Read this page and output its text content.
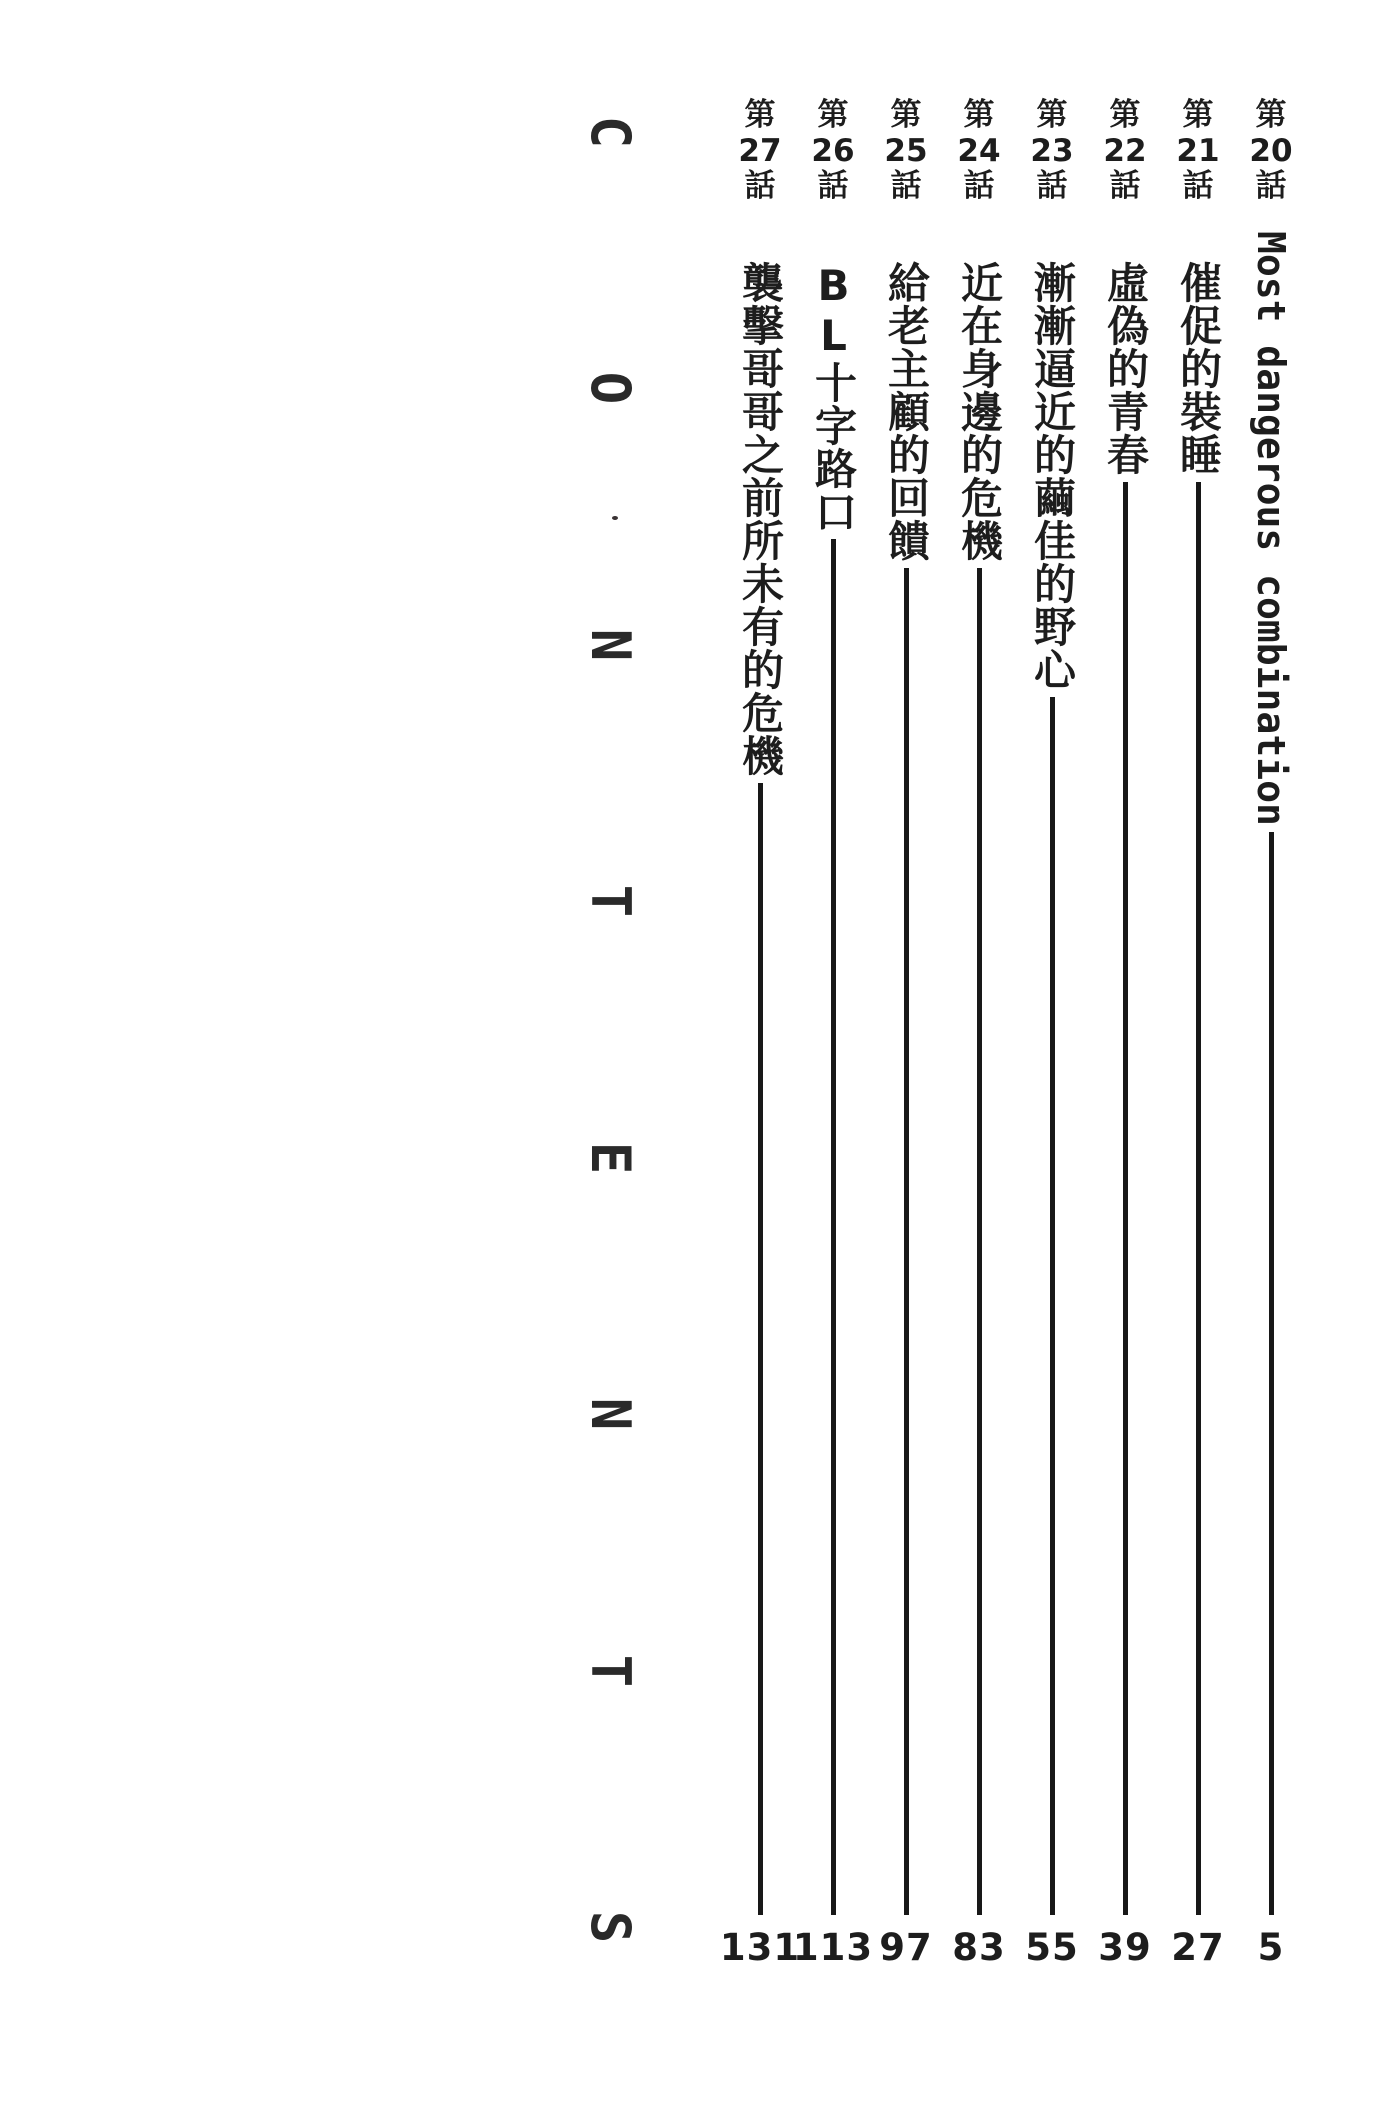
C
O
N
T
E
N
T
S
第
20
話
Most dangerous combination
5
第
21
話
催促的裝睡
27
第
22
話
虛偽的青春
39
第
23
話
漸漸逼近的繭佳的野心
55
第
24
話
近在身邊的危機
83
第
25
話
給老主顧的回饋
97
第
26
話
BL十字路口
113
第
27
話
襲擊哥哥之前所未有的危機
131
